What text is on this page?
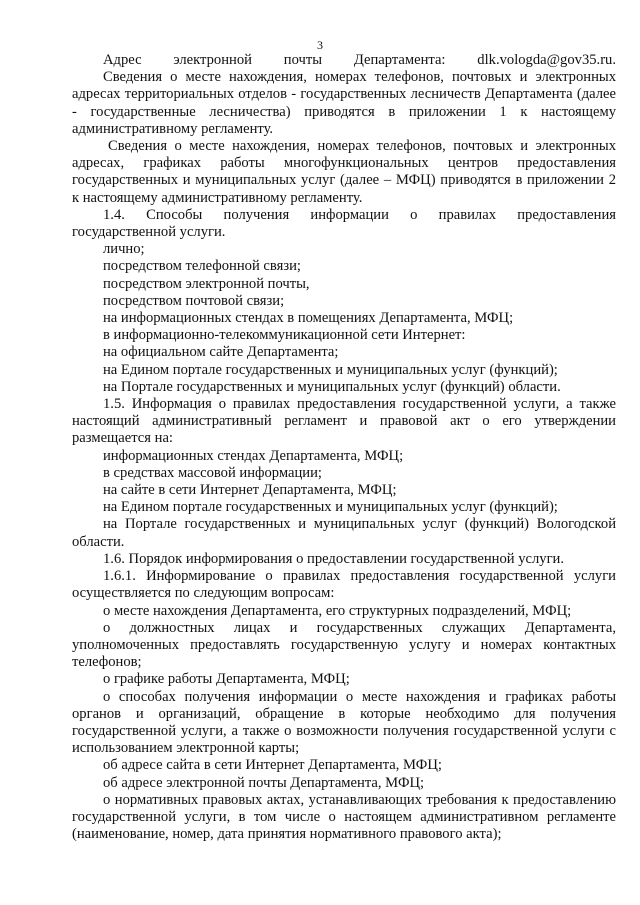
3

Адрес электронной почты Департамента: dlk.vologda@gov35.ru.

Сведения о месте нахождения, номерах телефонов, почтовых и электронных адресах территориальных отделов - государственных лесничеств Департамента (далее - государственные лесничества) приводятся в приложении 1 к настоящему административному регламенту.

Сведения о месте нахождения, номерах телефонов, почтовых и электронных адресах, графиках работы многофункциональных центров предоставления государственных и муниципальных услуг (далее – МФЦ) приводятся в приложении 2 к настоящему административному регламенту.

1.4. Способы получения информации о правилах предоставления государственной услуги.

лично;

посредством телефонной связи;

посредством электронной почты,

посредством почтовой связи;

на информационных стендах в помещениях Департамента, МФЦ;

в информационно-телекоммуникационной сети Интернет:

на официальном сайте Департамента;

на Едином портале государственных и муниципальных услуг (функций);

на Портале государственных и муниципальных услуг (функций) области.

1.5. Информация о правилах предоставления государственной услуги, а также настоящий административный регламент и правовой акт о его утверждении размещается на:

информационных стендах Департамента, МФЦ;

в средствах массовой информации;

на сайте в сети Интернет Департамента, МФЦ;

на Едином портале государственных и муниципальных услуг (функций);

на Портале государственных и муниципальных услуг (функций) Вологодской области.

1.6. Порядок информирования о предоставлении государственной услуги.

1.6.1. Информирование о правилах предоставления государственной услуги осуществляется по следующим вопросам:

о месте нахождения Департамента, его структурных подразделений, МФЦ;

о должностных лицах и государственных служащих Департамента, уполномоченных предоставлять государственную услугу и номерах контактных телефонов;

о графике работы Департамента, МФЦ;

о способах получения информации о месте нахождения и графиках работы органов и организаций, обращение в которые необходимо для получения государственной услуги, а также о возможности получения государственной услуги с использованием электронной карты;

об адресе сайта в сети Интернет Департамента, МФЦ;

об адресе электронной почты Департамента, МФЦ;

о нормативных правовых актах, устанавливающих требования к предоставлению государственной услуги, в том числе о настоящем административном регламенте (наименование, номер, дата принятия нормативного правового акта);
